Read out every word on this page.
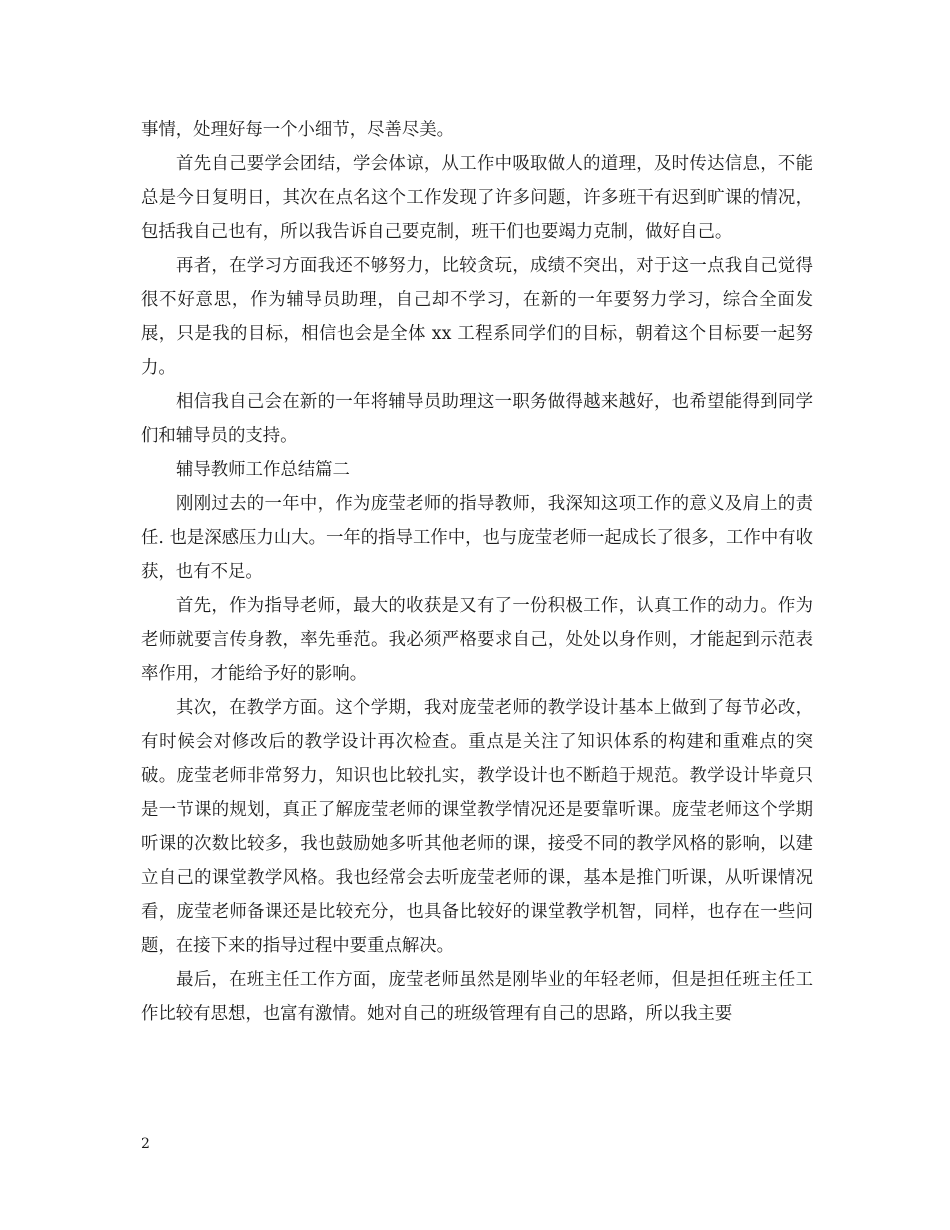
事情，处理好每一个小细节，尽善尽美。

首先自己要学会团结，学会体谅，从工作中吸取做人的道理，及时传达信息，不能总是今日复明日，其次在点名这个工作发现了许多问题，许多班干有迟到旷课的情况，包括我自己也有，所以我告诉自己要克制，班干们也要竭力克制，做好自己。

再者，在学习方面我还不够努力，比较贪玩，成绩不突出，对于这一点我自己觉得很不好意思，作为辅导员助理，自己却不学习，在新的一年要努力学习，综合全面发展，只是我的目标，相信也会是全体 xx 工程系同学们的目标，朝着这个目标要一起努力。

相信我自己会在新的一年将辅导员助理这一职务做得越来越好，也希望能得到同学们和辅导员的支持。

辅导教师工作总结篇二

刚刚过去的一年中，作为庞莹老师的指导教师，我深知这项工作的意义及肩上的责任. 也是深感压力山大。一年的指导工作中，也与庞莹老师一起成长了很多，工作中有收获，也有不足。

首先，作为指导老师，最大的收获是又有了一份积极工作，认真工作的动力。作为老师就要言传身教，率先垂范。我必须严格要求自己，处处以身作则，才能起到示范表率作用，才能给予好的影响。

其次，在教学方面。这个学期，我对庞莹老师的教学设计基本上做到了每节必改，有时候会对修改后的教学设计再次检查。重点是关注了知识体系的构建和重难点的突破。庞莹老师非常努力，知识也比较扎实，教学设计也不断趋于规范。教学设计毕竟只是一节课的规划，真正了解庞莹老师的课堂教学情况还是要靠听课。庞莹老师这个学期听课的次数比较多，我也鼓励她多听其他老师的课，接受不同的教学风格的影响，以建立自己的课堂教学风格。我也经常会去听庞莹老师的课，基本是推门听课，从听课情况看，庞莹老师备课还是比较充分，也具备比较好的课堂教学机智，同样，也存在一些问题，在接下来的指导过程中要重点解决。

最后，在班主任工作方面，庞莹老师虽然是刚毕业的年轻老师，但是担任班主任工作比较有思想，也富有激情。她对自己的班级管理有自己的思路，所以我主要

2
